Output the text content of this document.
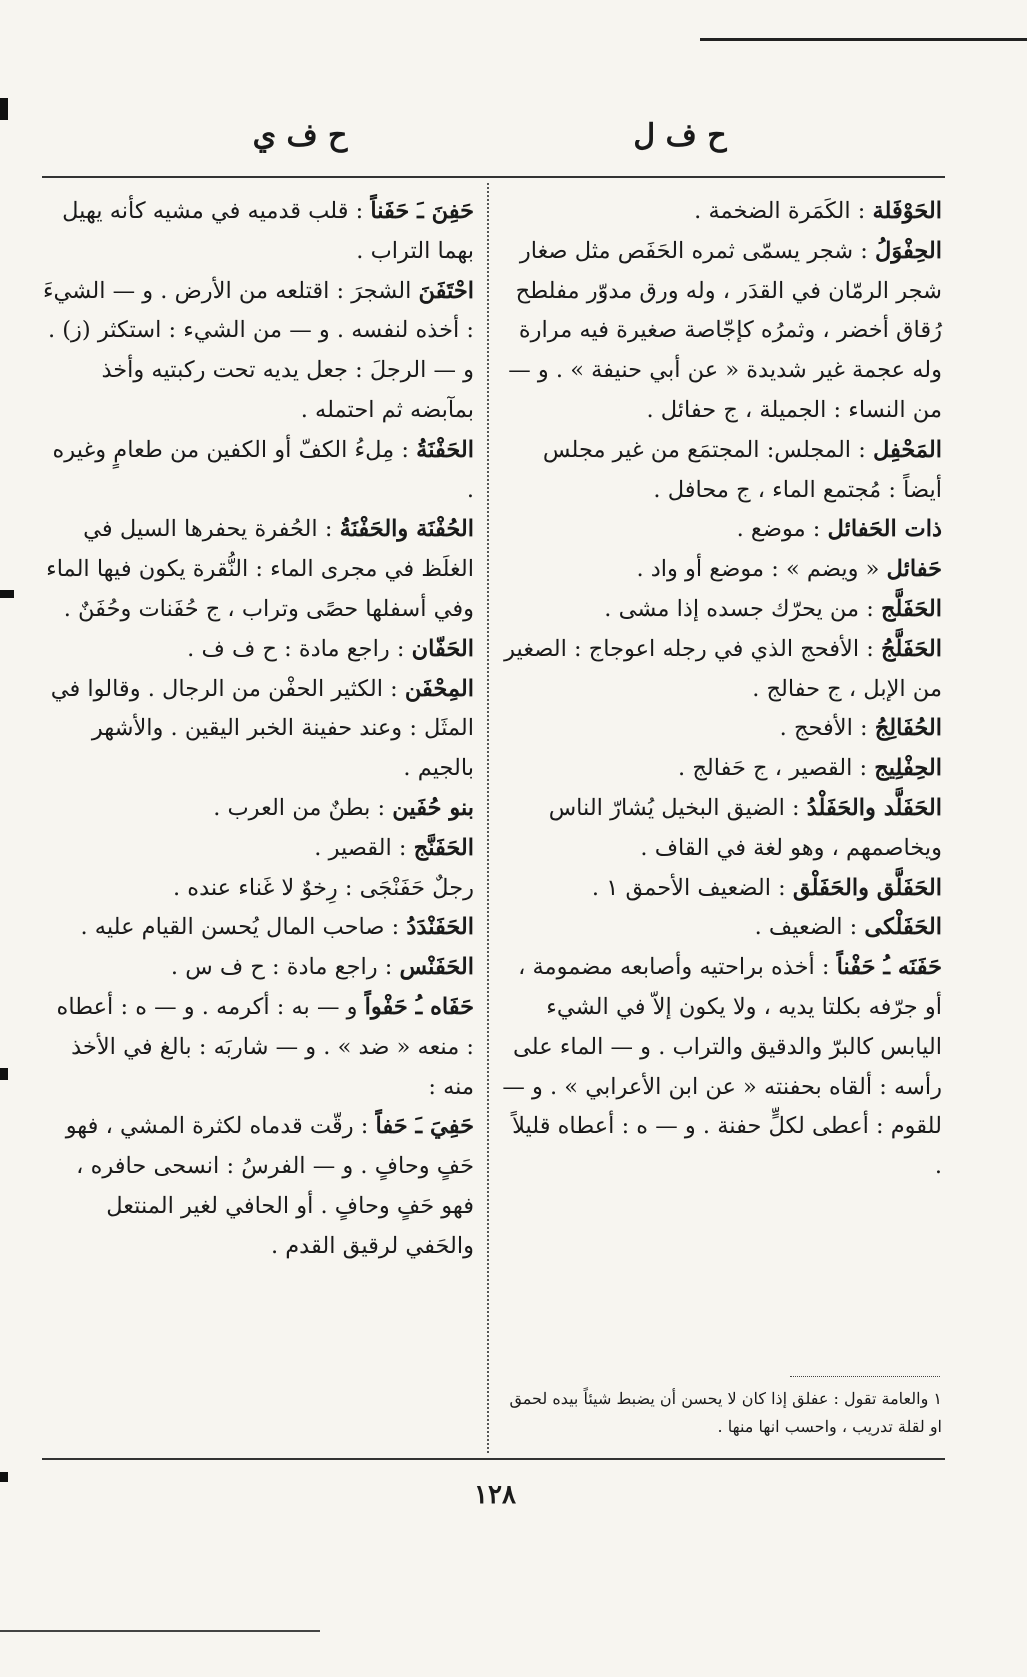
ح ف ل
ح ف ي

الحَوْفَلة : الكَمَرة الضخمة .

الحِفْوَلُ : شجر يسمّى ثمره الحَفَص مثل صغار شجر الرمّان في القدَر ، وله ورق مدوّر مفلطح رُقاق أخضر ، وثمرُه كإجّاصة صغيرة فيه مرارة وله عجمة غير شديدة « عن أبي حنيفة » . و — من النساء : الجميلة ، ج حفائل .

المَحْفِل : المجلس: المجتمَع من غير مجلس أيضاً : مُجتمع الماء ، ج محافل .

ذات الحَفائل : موضع .

حَفائل « ويضم » : موضع أو واد .

الحَفَلَّج : من يحرّك جسده إذا مشى .

الحَفَلَّجُ : الأفحج الذي في رجله اعوجاج : الصغير من الإبل ، ج حفالج .

الحُفَالِجُ : الأفحج .

الحِفْلِيج : القصير ، ج حَفالج .

الحَفَلَّد والحَفَلْدُ : الضيق البخيل يُشارّ الناس ويخاصمهم ، وهو لغة في القاف .

الحَفَلَّق والحَفَلْق : الضعيف الأحمق ١ .

الحَفَلْكى : الضعيف .

حَفَنَه ـُ حَفْناً : أخذه براحتيه وأصابعه مضمومة ، أو جرّفه بكلتا يديه ، ولا يكون إلاّ في الشيء اليابس كالبرّ والدقيق والتراب . و — الماء على رأسه : ألقاه بحفنته « عن ابن الأعرابي » . و — للقوم : أعطى لكلٍّ حفنة . و — ه : أعطاه قليلاً .

حَفِنَ ـَ حَفَناً : قلب قدميه في مشيه كأنه يهيل بهما التراب .

احْتَفَنَ الشجرَ : اقتلعه من الأرض . و — الشيءَ : أخذه لنفسه . و — من الشيء : استكثر (ز) . و — الرجلَ : جعل يديه تحت ركبتيه وأخذ بمآبضه ثم احتمله .

الحَفْنَةُ : مِلءُ الكفّ أو الكفين من طعامٍ وغيره .

الحُفْنَة والحَفْنَةُ : الحُفرة يحفرها السيل في الغلَظ في مجرى الماء : النُّقرة يكون فيها الماء وفي أسفلها حصًى وتراب ، ج حُفَنات وحُفَنٌ .

الحَفّان : راجع مادة : ح ف ف .

المِحْفَن : الكثير الحفْن من الرجال . وقالوا في المثَل : وعند حفينة الخبر اليقين . والأشهر بالجيم .

بنو حُفَين : بطنٌ من العرب .

الحَفَنَّج : القصير .

رجلٌ حَفَنْجَى : رِخوٌ لا غَناء عنده .

الحَفَنْدَدُ : صاحب المال يُحسن القيام عليه .

الحَفَنْس : راجع مادة : ح ف س .

حَفَاه ـُ حَفْواً و — به : أكرمه . و — ه : أعطاه : منعه « ضد » . و — شاربَه : بالغ في الأخذ منه :

حَفِيَ ـَ حَفاً : رقّت قدماه لكثرة المشي ، فهو حَفٍ وحافٍ . و — الفرسُ : انسحى حافره ، فهو حَفٍ وحافٍ . أو الحافي لغير المنتعل والحَفي لرقيق القدم .

١ والعامة تقول : عفلق إذا كان لا يحسن أن يضبط شيئاً بيده لحمق او لقلة تدريب ، واحسب انها منها .
١٢٨
